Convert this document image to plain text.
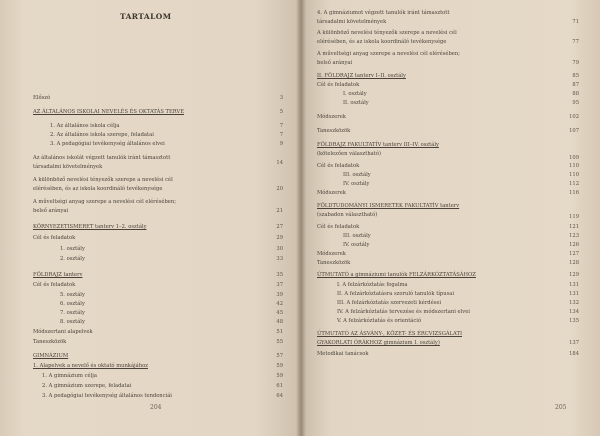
TARTALOM
Előszó	3
AZ ÁLTALÁNOS ISKOLAI NEVELÉS ÉS OKTATÁS TERVE	5
1. Az általános iskola célja	7
2. Az általános iskola szerepe, feladatai	7
3. A pedagógiai tevékenység általános elvei	9
Az általános iskolát végzett tanulók iránt támasztott
társadalmi követelmények
14
A különböző nevelési tényezők szerepe a nevelési cél
elérésében, és az iskola koordináló tevékenysége	20
A műveltségi anyag szerepe a nevelési cél elérésében;
belső arányai	21
KÖRNYEZETISMERET tanterv 1–2. osztály	27
Cél és feladatok	29
1. osztály	30
2. osztály	33
FÖLDRAJZ tanterv	35
Cél és feladatok	37
5. osztály	39
6. osztály	42
7. osztály	45
8. osztály	48
Módszertani alapelvek	51
Taneszközök	55
GIMNÁZIUM	57
1. Alapelvek a nevelő és oktató munkájához	59
1. A gimnázium célja	59
2. A gimnázium szerepe, feladatai	61
3. A pedagógiai tevékenység általános tendenciái	64
204
4. A gimnáziumot végzett tanulók iránt támasztott
társadalmi követelmények	71
A különböző nevelési tényezők szerepe a nevelési cél
elérésében, és az iskola koordináló tevékenysége	77
A műveltségi anyag szerepe a nevelési cél elérésében;
belső arányai	79
II. FÖLDRAJZ tanterv I–II. osztály	85
Cél és feladatok	87
I. osztály	88
II. osztály	95
Módszerek	102
Taneszközök	107
FÖLDRAJZ FAKULTATÍV tanterv III–IV. osztály
(kötelezően választható)
109
Cél és feladatok	110
III. osztály	110
IV. osztály	112
Módszerek	116
FÖLDTUDOMÁNYI ISMERETEK FAKULTATÍV tanterv
(szabadon választható)	119
Cél és feladatok	121
III. osztály	123
IV. osztály	126
Módszerek	127
Taneszközök	128
ÚTMUTATÓ a gimnáziumi tanulók FELZÁRKÓZTATÁSÁHOZ	129
I. A felzárkóztatás fogalma	131
II. A felzárkóztatásra szoruló tanulók típusai	131
III. A felzárkóztatás szervezeti kérdései	132
IV. A felzárkóztatás tervezése és módszertani elvei	134
V. A felzárkóztatás és orientáció	135
ÚTMUTATÓ AZ ÁSVÁNY-, KŐZET- ÉS ÉRCVIZSGÁLATI
GYAKORLATI ÓRÁKHOZ gimnázium I. osztály)	137
Metodikai tanácsok	184
205
